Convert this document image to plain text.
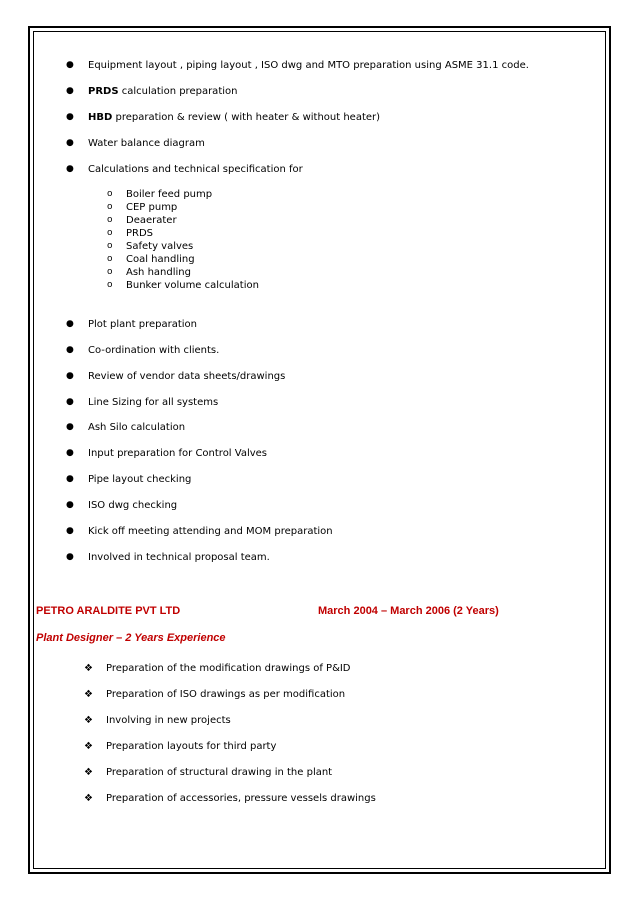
● Equipment layout , piping layout , ISO dwg and MTO preparation using ASME 31.1 code.
● PRDS calculation preparation
● HBD preparation & review ( with heater & without heater)
● Water balance diagram
● Calculations and technical specification for
o Boiler feed pump
o CEP pump
o Deaerater
o PRDS
o Safety valves
o Coal handling
o Ash handling
o Bunker volume calculation
● Plot plant preparation
● Co-ordination with clients.
● Review of vendor data sheets/drawings
● Line Sizing for all systems
● Ash Silo calculation
● Input preparation for Control Valves
● Pipe layout checking
● ISO dwg checking
● Kick off meeting attending and MOM preparation
● Involved in technical proposal team.
PETRO ARALDITE PVT LTD	March 2004 – March 2006 (2 Years)
Plant Designer – 2 Years Experience
❖ Preparation of the modification drawings of P&ID
❖ Preparation of ISO drawings as per modification
❖ Involving in new projects
❖ Preparation layouts for third party
❖ Preparation of structural drawing in the plant
❖ Preparation of accessories, pressure vessels drawings
